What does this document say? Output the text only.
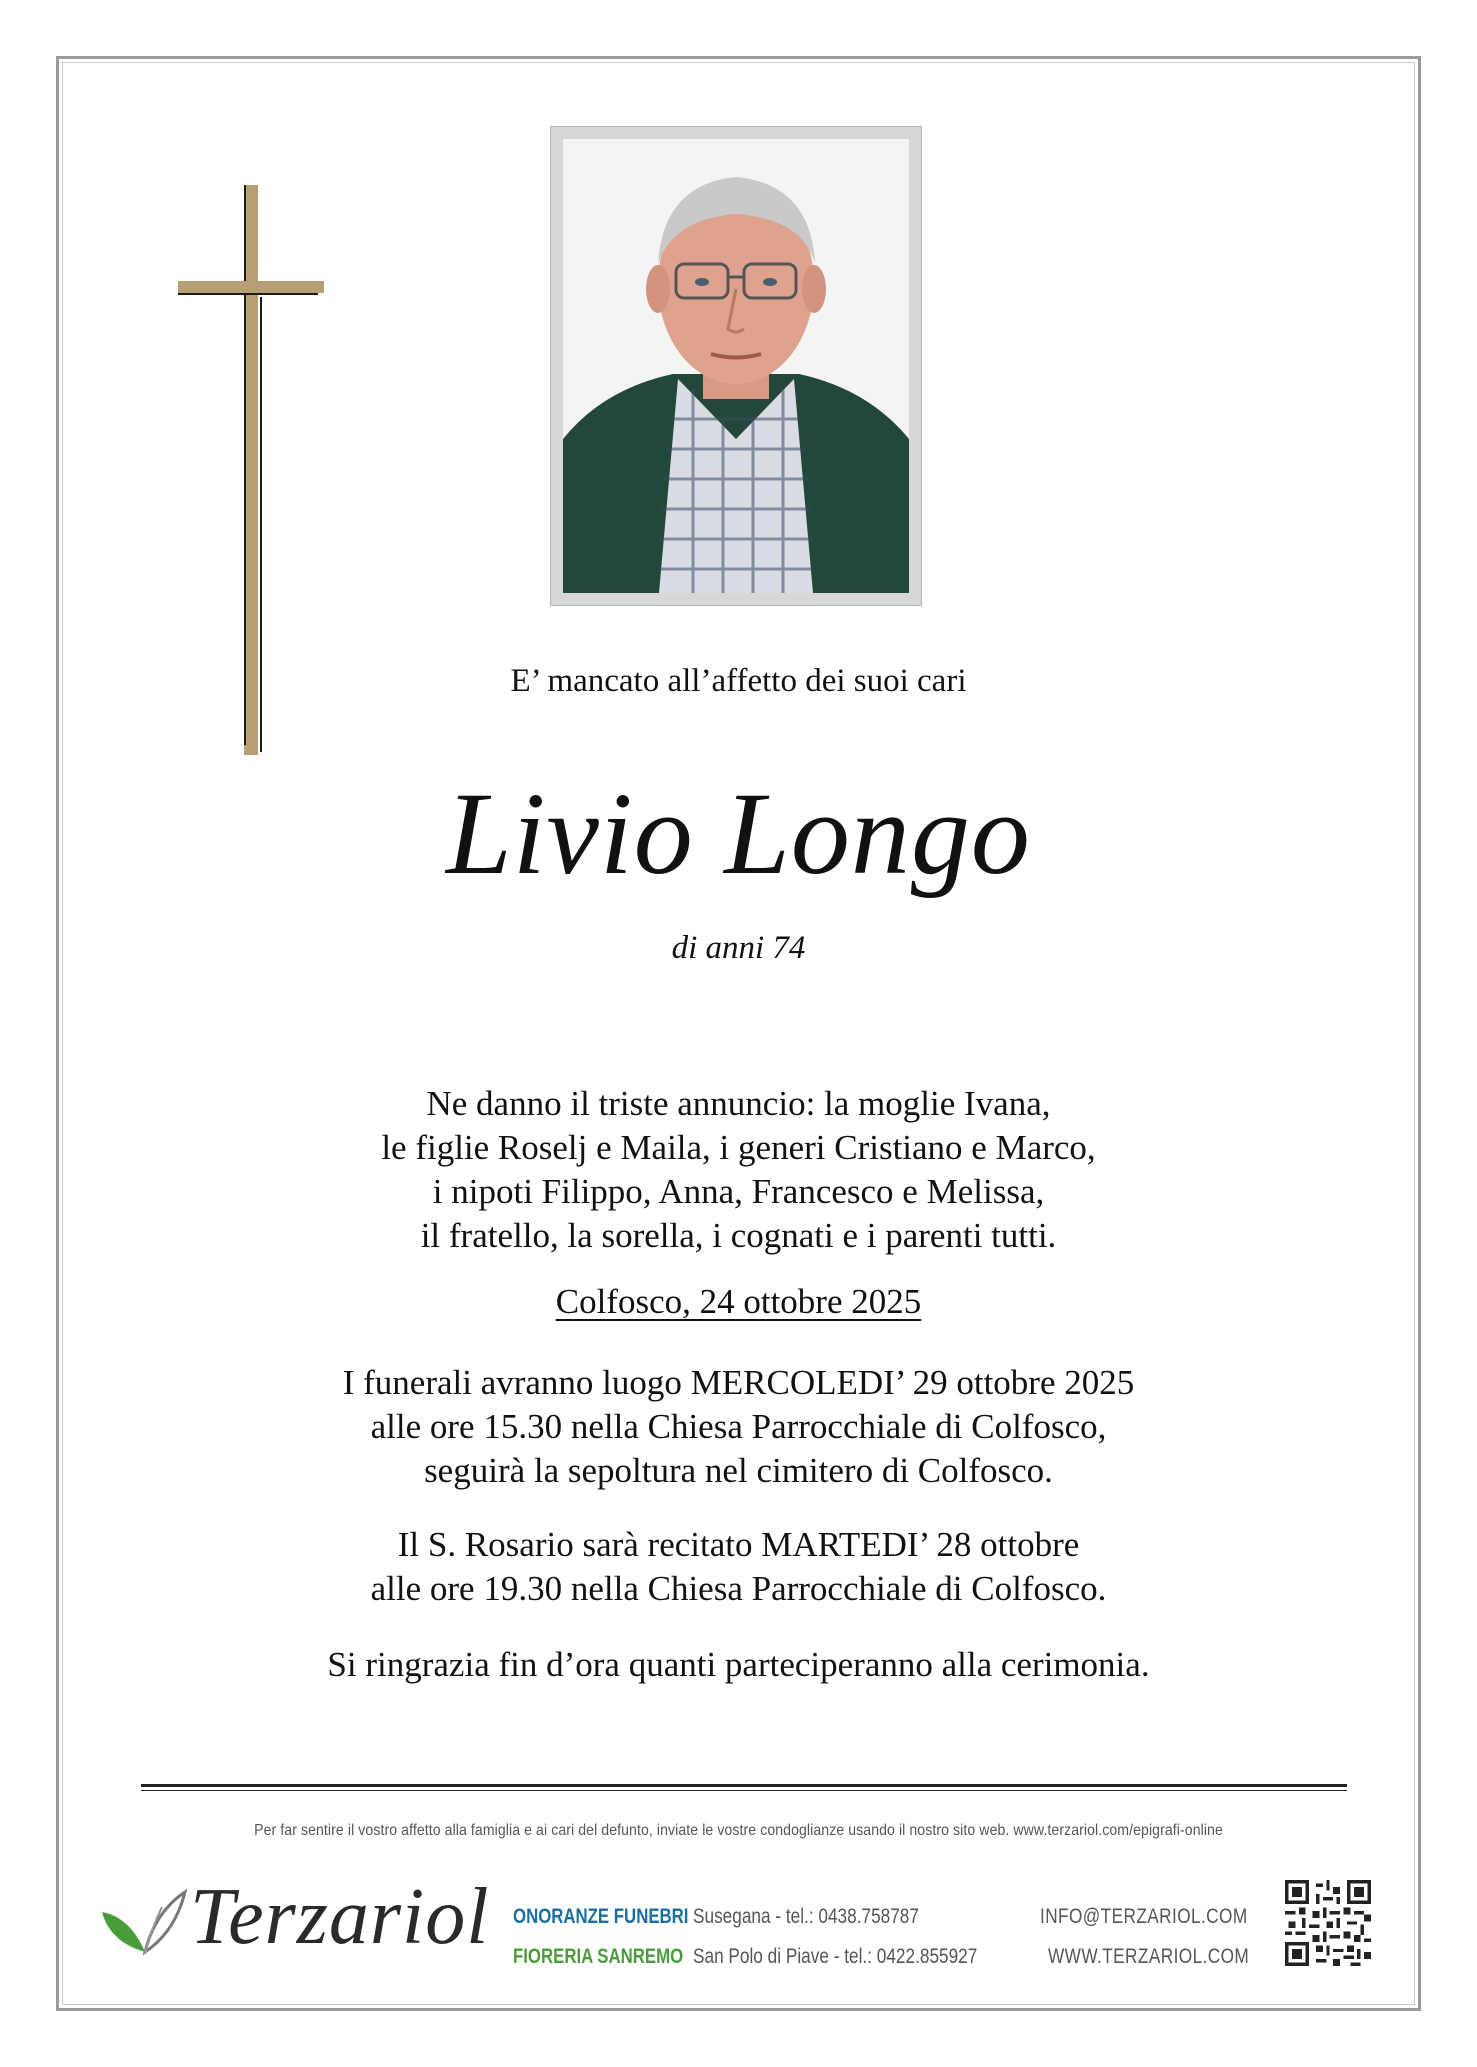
E’ mancato all’affetto dei suoi cari
Livio Longo
di anni 74
Ne danno il triste annuncio: la moglie Ivana,
le figlie Roselj e Maila, i generi Cristiano e Marco,
i nipoti Filippo, Anna, Francesco e Melissa,
il fratello, la sorella, i cognati e i parenti tutti.
Colfosco, 24 ottobre 2025
I funerali avranno luogo MERCOLEDI’ 29 ottobre 2025
alle ore 15.30 nella Chiesa Parrocchiale di Colfosco,
seguirà la sepoltura nel cimitero di Colfosco.
Il S. Rosario sarà recitato MARTEDI’ 28 ottobre
alle ore 19.30 nella Chiesa Parrocchiale di Colfosco.
Si ringrazia fin d’ora quanti parteciperanno alla cerimonia.
Per far sentire il vostro affetto alla famiglia e ai cari del defunto, inviate le vostre condoglianze usando il nostro sito web. www.terzariol.com/epigrafi-online
Terzariol ONORANZE FUNEBRI
FIORERIA SANREMO
Susegana - tel.: 0438.758787
San Polo di Piave - tel.: 0422.855927
INFO@TERZARIOL.COM
WWW.TERZARIOL.COM
